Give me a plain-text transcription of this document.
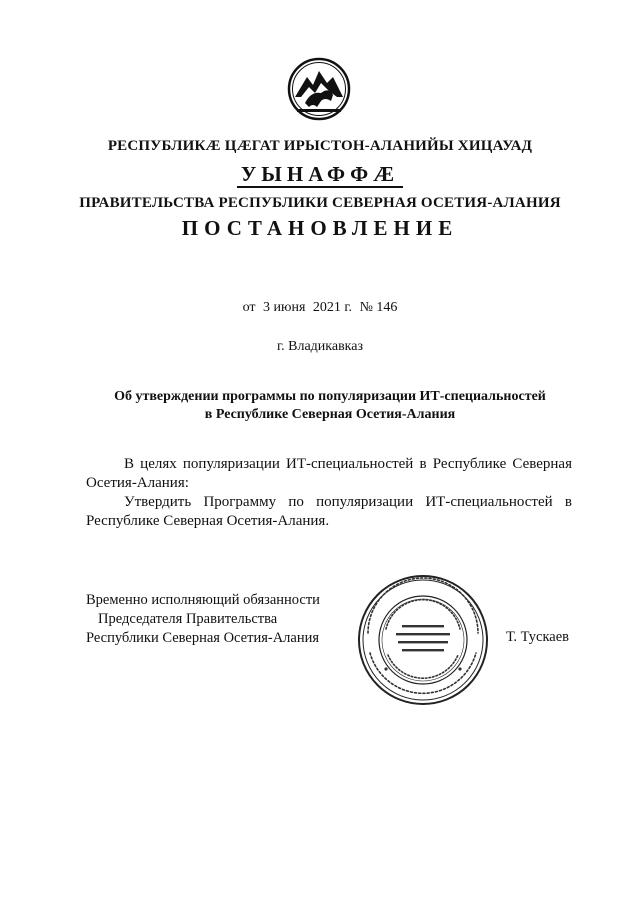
РЕСПУБЛИКӔ ЦӔГАТ ИРЫСТОН-АЛАНИЙЫ ХИЦАУАД
УЫНАФФӔ
ПРАВИТЕЛЬСТВА РЕСПУБЛИКИ СЕВЕРНАЯ ОСЕТИЯ-АЛАНИЯ
ПОСТАНОВЛЕНИЕ
от 3 июня 2021 г. № 146
г. Владикавказ
Об утверждении программы по популяризации ИТ-специальностей
в Республике Северная Осетия-Алания

В целях популяризации ИТ-специальностей в Республике Северная Осетия-Алания:

Утвердить Программу по популяризации ИТ-специальностей в Республике Северная Осетия-Алания.

Временно исполняющий обязанности
Председателя Правительства
Республики Северная Осетия-Алания	Т. Тускаев
